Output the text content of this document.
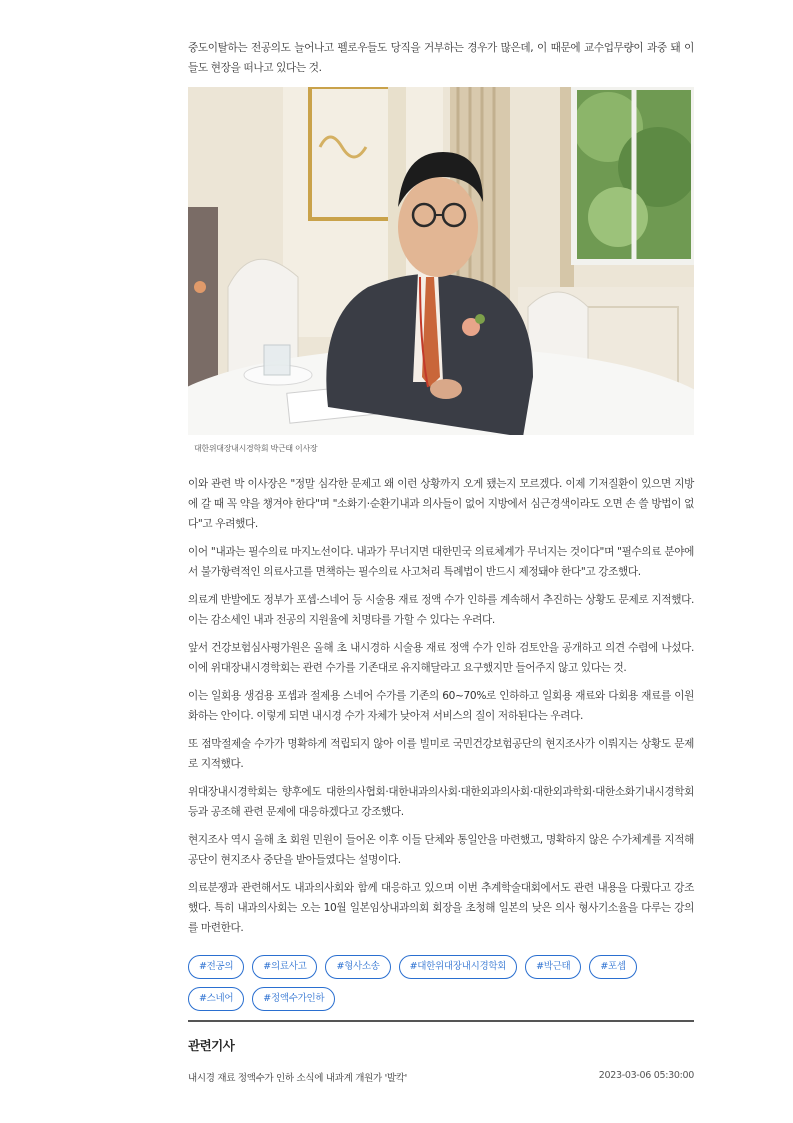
중도이탈하는 전공의도 늘어나고 펠로우들도 당직을 거부하는 경우가 많은데, 이 때문에 교수업무량이 과중 돼 이들도 현장을 떠나고 있다는 것.

대한위대장내시경학회 박근태 이사장

이와 관련 박 이사장은 "정말 심각한 문제고 왜 이런 상황까지 오게 됐는지 모르겠다. 이제 기저질환이 있으면 지방에 갈 때 꼭 약을 챙겨야 한다"며 "소화기·순환기내과 의사들이 없어 지방에서 심근경색이라도 오면 손 쓸 방법이 없다"고 우려했다.

이어 "내과는 필수의료 마지노선이다. 내과가 무너지면 대한민국 의료체계가 무너지는 것이다"며 "필수의료 분야에서 불가항력적인 의료사고를 면책하는 필수의료 사고처리 특례법이 반드시 제정돼야 한다"고 강조했다.

의료계 반발에도 정부가 포셉·스네어 등 시술용 재료 정액 수가 인하를 계속해서 추진하는 상황도 문제로 지적했다. 이는 감소세인 내과 전공의 지원율에 치명타를 가할 수 있다는 우려다.

앞서 건강보험심사평가원은 올해 초 내시경하 시술용 재료 정액 수가 인하 검토안을 공개하고 의견 수렴에 나섰다. 이에 위대장내시경학회는 관련 수가를 기존대로 유지해달라고 요구했지만 들어주지 않고 있다는 것.

이는 일회용 생검용 포셉과 절제용 스네어 수가를 기존의 60~70%로 인하하고 일회용 재료와 다회용 재료를 이원화하는 안이다. 이렇게 되면 내시경 수가 자체가 낮아져 서비스의 질이 저하된다는 우려다.

또 점막절제술 수가가 명확하게 적립되지 않아 이를 빌미로 국민건강보험공단의 현지조사가 이뤄지는 상황도 문제로 지적했다.

위대장내시경학회는 향후에도 대한의사협회·대한내과의사회·대한외과의사회·대한외과학회·대한소화기내시경학회 등과 공조해 관련 문제에 대응하겠다고 강조했다.

현지조사 역시 올해 초 회원 민원이 들어온 이후 이들 단체와 통일안을 마련했고, 명확하지 않은 수가체계를 지적해 공단이 현지조사 중단을 받아들였다는 설명이다.

의료분쟁과 관련해서도 내과의사회와 함께 대응하고 있으며 이번 추계학술대회에서도 관련 내용을 다뤘다고 강조했다. 특히 내과의사회는 오는 10월 일본임상내과의회 회장을 초청해 일본의 낮은 의사 형사기소율을 다루는 강의를 마련한다.

#전공의	#의료사고	#형사소송	#대한위대장내시경학회	#박근태	#포셉
#스네어	#정액수가인하
관련기사
내시경 재료 정액수가 인하 소식에 내과계 개원가 '발칵'	2023-03-06 05:30:00
